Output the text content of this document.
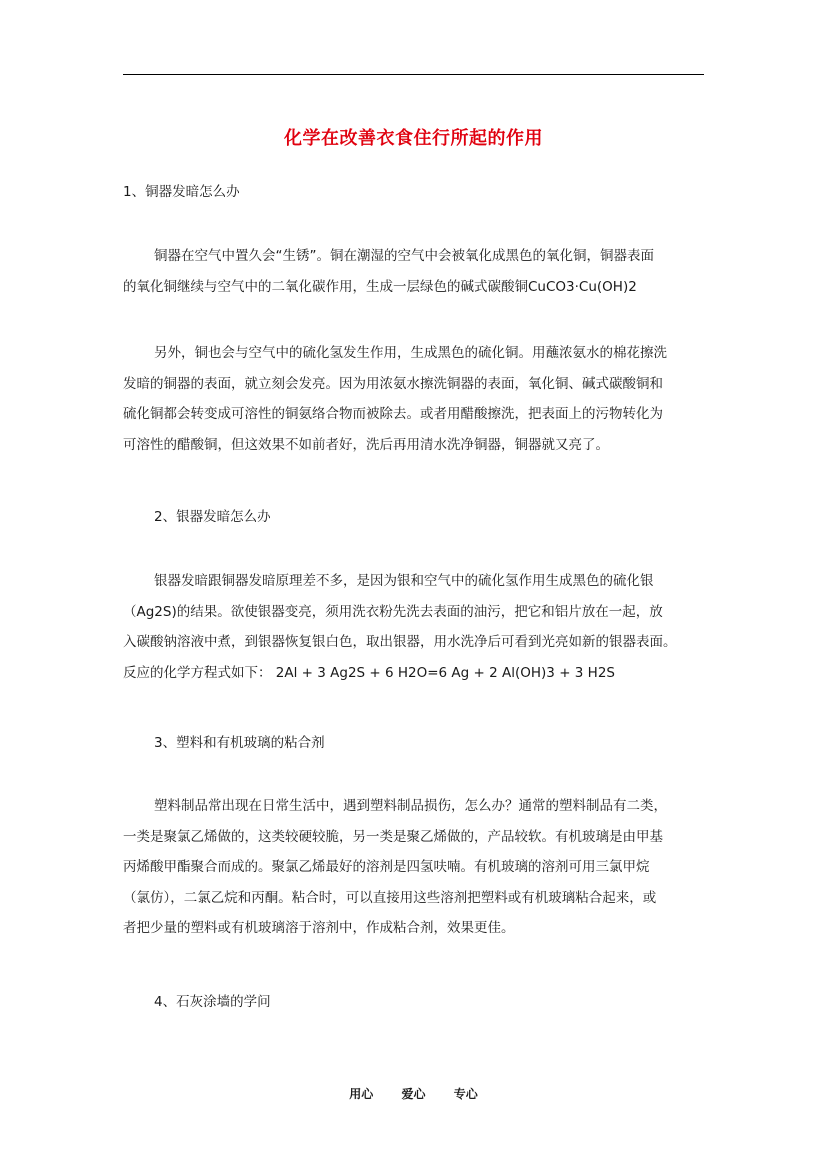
化学在改善衣食住行所起的作用
1、铜器发暗怎么办
铜器在空气中置久会“生锈”。铜在潮湿的空气中会被氧化成黑色的氧化铜，铜器表面
的氧化铜继续与空气中的二氧化碳作用，生成一层绿色的碱式碳酸铜CuCO3·Cu(OH)2
另外，铜也会与空气中的硫化氢发生作用，生成黑色的硫化铜。用蘸浓氨水的棉花擦洗
发暗的铜器的表面，就立刻会发亮。因为用浓氨水擦洗铜器的表面，氧化铜、碱式碳酸铜和
硫化铜都会转变成可溶性的铜氨络合物而被除去。或者用醋酸擦洗，把表面上的污物转化为
可溶性的醋酸铜，但这效果不如前者好，洗后再用清水洗净铜器，铜器就又亮了。
2、银器发暗怎么办
银器发暗跟铜器发暗原理差不多，是因为银和空气中的硫化氢作用生成黑色的硫化银
（Ag2S)的结果。欲使银器变亮，须用洗衣粉先洗去表面的油污，把它和铝片放在一起，放
入碳酸钠溶液中煮，到银器恢复银白色，取出银器，用水洗净后可看到光亮如新的银器表面。
反应的化学方程式如下： 2Al + 3 Ag2S + 6 H2O=6 Ag + 2 Al(OH)3 + 3 H2S
3、塑料和有机玻璃的粘合剂
塑料制品常出现在日常生活中，遇到塑料制品损伤，怎么办？通常的塑料制品有二类，
一类是聚氯乙烯做的，这类较硬较脆，另一类是聚乙烯做的，产品较软。有机玻璃是由甲基
丙烯酸甲酯聚合而成的。聚氯乙烯最好的溶剂是四氢呋喃。有机玻璃的溶剂可用三氯甲烷
（氯仿），二氯乙烷和丙酮。粘合时，可以直接用这些溶剂把塑料或有机玻璃粘合起来，或
者把少量的塑料或有机玻璃溶于溶剂中，作成粘合剂，效果更佳。
4、石灰涂墙的学问
用心 爱心 专心
